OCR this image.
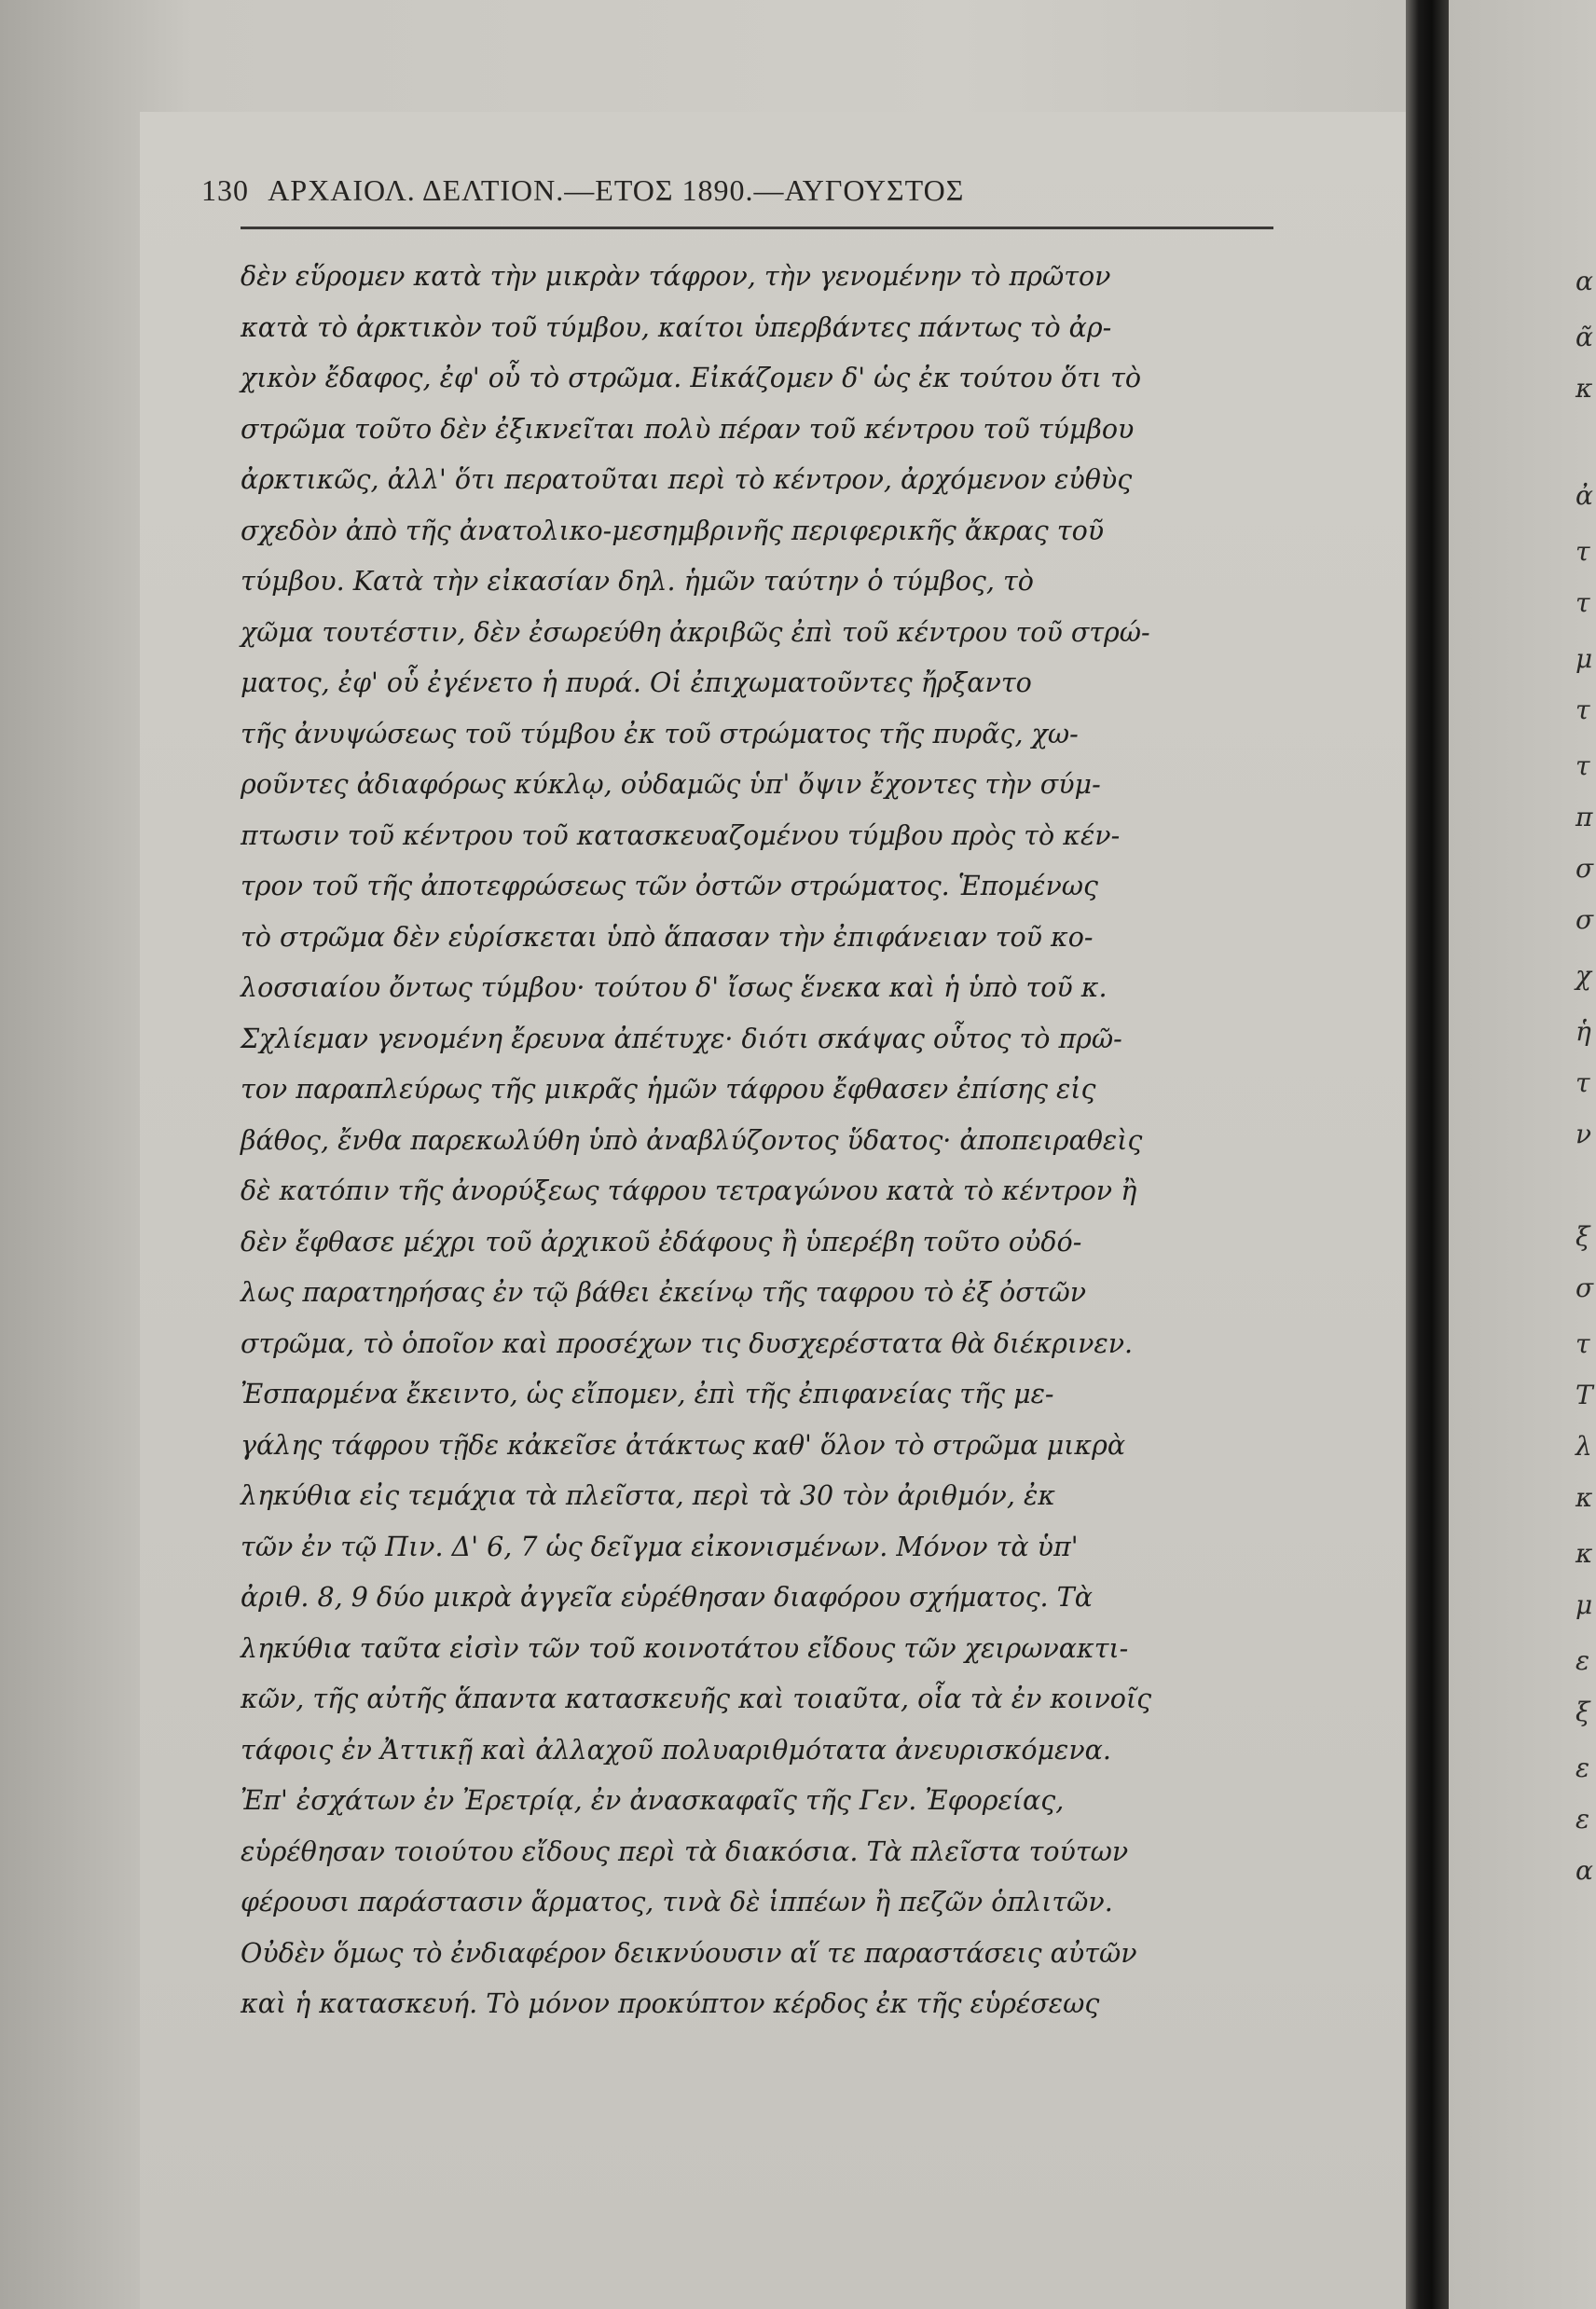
130 ΑΡΧΑΙΟΛ. ΔΕΛΤΙΟΝ.—ΕΤΟΣ 1890.—ΑΥΓΟΥΣΤΟΣ
δὲν εὕρομεν κατὰ τὴν μικρὰν τάφρον, τὴν γενομένην τὸ πρῶτον
κατὰ τὸ ἀρκτικὸν τοῦ τύμβου, καίτοι ὑπερβάντες πάντως τὸ ἀρ-
χικὸν ἔδαφος, ἐφ' οὗ τὸ στρῶμα. Εἰκάζομεν δ' ὡς ἐκ τούτου ὅτι τὸ
στρῶμα τοῦτο δὲν ἐξικνεῖται πολὺ πέραν τοῦ κέντρου τοῦ τύμβου
ἀρκτικῶς, ἀλλ' ὅτι περατοῦται περὶ τὸ κέντρον, ἀρχόμενον εὐθὺς
σχεδὸν ἀπὸ τῆς ἀνατολικο-μεσημβρινῆς περιφερικῆς ἄκρας τοῦ
τύμβου. Κατὰ τὴν εἰκασίαν δηλ. ἡμῶν ταύτην ὁ τύμβος, τὸ
χῶμα τουτέστιν, δὲν ἐσωρεύθη ἀκριβῶς ἐπὶ τοῦ κέντρου τοῦ στρώ-
ματος, ἐφ' οὗ ἐγένετο ἡ πυρά. Οἱ ἐπιχωματοῦντες ἤρξαντο
τῆς ἀνυψώσεως τοῦ τύμβου ἐκ τοῦ στρώματος τῆς πυρᾶς, χω-
ροῦντες ἀδιαφόρως κύκλῳ, οὐδαμῶς ὑπ' ὄψιν ἔχοντες τὴν σύμ-
πτωσιν τοῦ κέντρου τοῦ κατασκευαζομένου τύμβου πρὸς τὸ κέν-
τρον τοῦ τῆς ἀποτεφρώσεως τῶν ὀστῶν στρώματος. Ἑπομένως
τὸ στρῶμα δὲν εὑρίσκεται ὑπὸ ἅπασαν τὴν ἐπιφάνειαν τοῦ κο-
λοσσιαίου ὄντως τύμβου· τούτου δ' ἴσως ἕνεκα καὶ ἡ ὑπὸ τοῦ κ.
Σχλίεμαν γενομένη ἔρευνα ἀπέτυχε· διότι σκάψας οὗτος τὸ πρῶ-
τον παραπλεύρως τῆς μικρᾶς ἡμῶν τάφρου ἔφθασεν ἐπίσης εἰς
βάθος, ἔνθα παρεκωλύθη ὑπὸ ἀναβλύζοντος ὕδατος· ἀποπειραθεὶς
δὲ κατόπιν τῆς ἀνορύξεως τάφρου τετραγώνου κατὰ τὸ κέντρον ἢ
δὲν ἔφθασε μέχρι τοῦ ἀρχικοῦ ἐδάφους ἢ ὑπερέβη τοῦτο οὐδό-
λως παρατηρήσας ἐν τῷ βάθει ἐκείνῳ τῆς ταφρου τὸ ἐξ ὀστῶν
στρῶμα, τὸ ὁποῖον καὶ προσέχων τις δυσχερέστατα θὰ διέκρινεν.
Ἐσπαρμένα ἔκειντο, ὡς εἴπομεν, ἐπὶ τῆς ἐπιφανείας τῆς με-
γάλης τάφρου τῇδε κἀκεῖσε ἀτάκτως καθ' ὅλον τὸ στρῶμα μικρὰ
ληκύθια εἰς τεμάχια τὰ πλεῖστα, περὶ τὰ 30 τὸν ἀριθμόν, ἐκ
τῶν ἐν τῷ Πιν. Δ' 6, 7 ὡς δεῖγμα εἰκονισμένων. Μόνον τὰ ὑπ'
ἀριθ. 8, 9 δύο μικρὰ ἀγγεῖα εὑρέθησαν διαφόρου σχήματος. Τὰ
ληκύθια ταῦτα εἰσὶν τῶν τοῦ κοινοτάτου εἴδους τῶν χειρωνακτι-
κῶν, τῆς αὐτῆς ἅπαντα κατασκευῆς καὶ τοιαῦτα, οἷα τὰ ἐν κοινοῖς
τάφοις ἐν Ἀττικῇ καὶ ἀλλαχοῦ πολυαριθμότατα ἀνευρισκόμενα.
Ἐπ' ἐσχάτων ἐν Ἐρετρίᾳ, ἐν ἀνασκαφαῖς τῆς Γεν. Ἐφορείας,
εὑρέθησαν τοιούτου εἴδους περὶ τὰ διακόσια. Τὰ πλεῖστα τούτων
φέρουσι παράστασιν ἅρματος, τινὰ δὲ ἱππέων ἢ πεζῶν ὁπλιτῶν.
Οὐδὲν ὅμως τὸ ἐνδιαφέρον δεικνύουσιν αἵ τε παραστάσεις αὐτῶν
καὶ ἡ κατασκευή. Τὸ μόνον προκύπτον κέρδος ἐκ τῆς εὑρέσεως
α
ᾶ
κ
ἀ
τ
τ
μ
τ
τ
π
σ
σ
χ
ἡ
τ
ν
ξ
σ
τ
Τ
λ
κ
κ
μ
ε
ξ
ε
ε
α
